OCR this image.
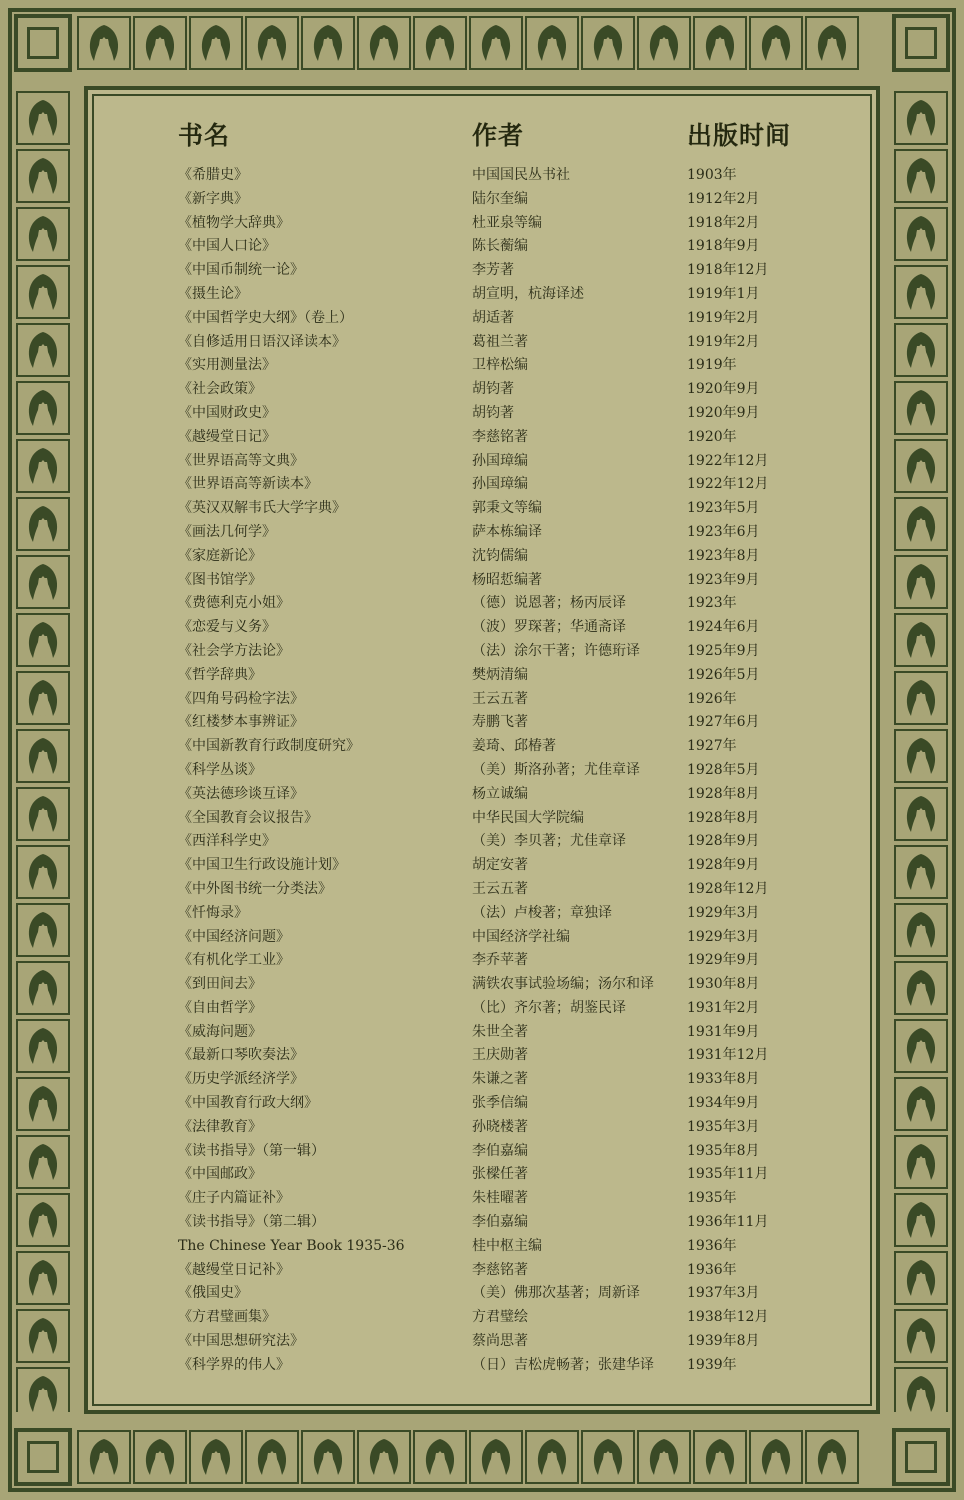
书名	作者	出版时间
《希腊史》	中国国民丛书社	1903年
《新字典》	陆尔奎编	1912年2月
《植物学大辞典》	杜亚泉等编	1918年2月
《中国人口论》	陈长蘅编	1918年9月
《中国币制统一论》	李芳著	1918年12月
《摄生论》	胡宣明，杭海译述	1919年1月
《中国哲学史大纲》（卷上）	胡适著	1919年2月
《自修适用日语汉译读本》	葛祖兰著	1919年2月
《实用测量法》	卫梓松编	1919年
《社会政策》	胡钧著	1920年9月
《中国财政史》	胡钧著	1920年9月
《越缦堂日记》	李慈铭著	1920年
《世界语高等文典》	孙国璋编	1922年12月
《世界语高等新读本》	孙国璋编	1922年12月
《英汉双解韦氏大学字典》	郭秉文等编	1923年5月
《画法几何学》	萨本栋编译	1923年6月
《家庭新论》	沈钧儒编	1923年8月
《图书馆学》	杨昭悊编著	1923年9月
《费德利克小姐》	（德）说恩著；杨丙辰译	1923年
《恋爱与义务》	（波）罗琛著；华通斋译	1924年6月
《社会学方法论》	（法）涂尔干著；许德珩译	1925年9月
《哲学辞典》	樊炳清编	1926年5月
《四角号码检字法》	王云五著	1926年
《红楼梦本事辨证》	寿鹏飞著	1927年6月
《中国新教育行政制度研究》	姜琦、邱椿著	1927年
《科学丛谈》	（美）斯洛孙著；尤佳章译	1928年5月
《英法德珍谈互译》	杨立诚编	1928年8月
《全国教育会议报告》	中华民国大学院编	1928年8月
《西洋科学史》	（美）李贝著；尤佳章译	1928年9月
《中国卫生行政设施计划》	胡定安著	1928年9月
《中外图书统一分类法》	王云五著	1928年12月
《忏悔录》	（法）卢梭著；章独译	1929年3月
《中国经济问题》	中国经济学社编	1929年3月
《有机化学工业》	李乔苹著	1929年9月
《到田间去》	满铁农事试验场编；汤尔和译 1930年8月
《自由哲学》	（比）齐尔著；胡鉴民译	1931年2月
《威海问题》	朱世全著	1931年9月
《最新口琴吹奏法》	王庆勋著	1931年12月
《历史学派经济学》	朱谦之著	1933年8月
《中国教育行政大纲》	张季信编	1934年9月
《法律教育》	孙晓楼著	1935年3月
《读书指导》（第一辑）	李伯嘉编	1935年8月
《中国邮政》	张樑任著	1935年11月
《庄子内篇证补》	朱桂曜著	1935年
《读书指导》（第二辑）	李伯嘉编	1936年11月
The Chinese Year Book 1935-36	桂中枢主编	1936年
《越缦堂日记补》	李慈铭著	1936年
《俄国史》	（美）佛那次基著；周新译	1937年3月
《方君璧画集》	方君璧绘	1938年12月
《中国思想研究法》	蔡尚思著	1939年8月
《科学界的伟人》	（日）吉松虎畅著；张建华译 1939年
